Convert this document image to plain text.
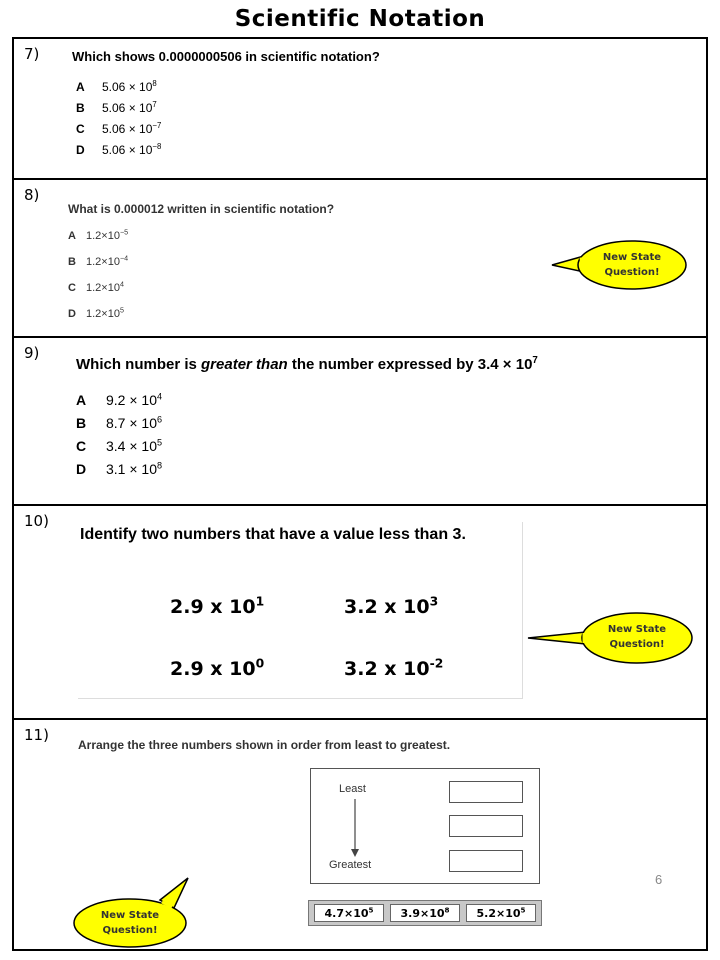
Scientific Notation
7)	Which shows 0.0000000506 in scientific notation?
A $5.06 \times 10^8$
B $5.06 \times 10^7$
C $5.06 \times 10^{-7}$
D $5.06 \times 10^{-8}$
8)
What is 0.000012 written in scientific notation?
A $1.2\times 10^{-5}$
B $1.2\times 10^{-4}$
C $1.2\times 10^4$
D $1.2\times 10^5$
New State Question!
9)
Which number is greater than the number expressed by $3.4 \times 10^7$
A $9.2 \times 10^4$
B $8.7 \times 10^6$
C $3.4 \times 10^5$
D $3.1 \times 10^8$
10)
Identify two numbers that have a value less than 3.
2.9 x $10^1$	3.2 x $10^3$
2.9 x $10^0$	3.2 x $10^{-2}$
New State Question!
11)
Arrange the three numbers shown in order from least to greatest.
Least
Greatest
$4.7\times 10^5$	$3.9\times 10^8$	$5.2\times 10^5$
New State Question!
6
